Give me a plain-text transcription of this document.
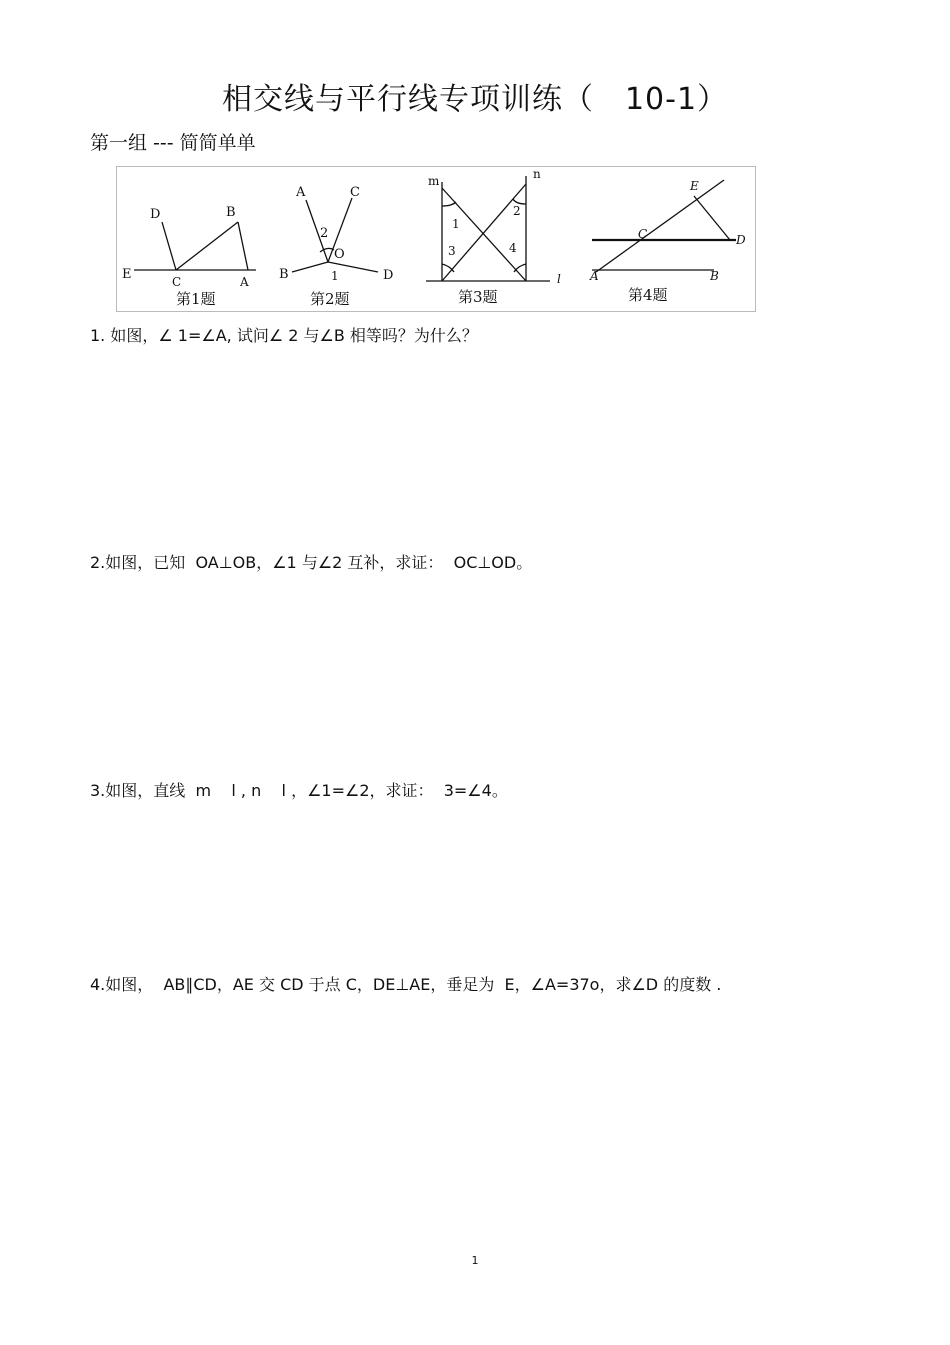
相交线与平行线专项训练（　10-1）
第一组 --- 简简单单
D	B
E	C	A
第1题
A	C
B	D
O
1
2
第2题
m	n
l
1
2
3	4
第3题
E
C	D
A	B
第4题
1. 如图，∠ 1=∠A, 试问∠ 2 与∠B 相等吗？为什么？
2.如图，已知  OA⊥OB，∠1 与∠2 互补，求证：  OC⊥OD。
3.如图，直线  m    l , n    l ，∠1=∠2，求证：  3=∠4。
4.如图，  AB∥CD，AE 交 CD 于点 C，DE⊥AE，垂足为  E，∠A=37o，求∠D 的度数 .
1
